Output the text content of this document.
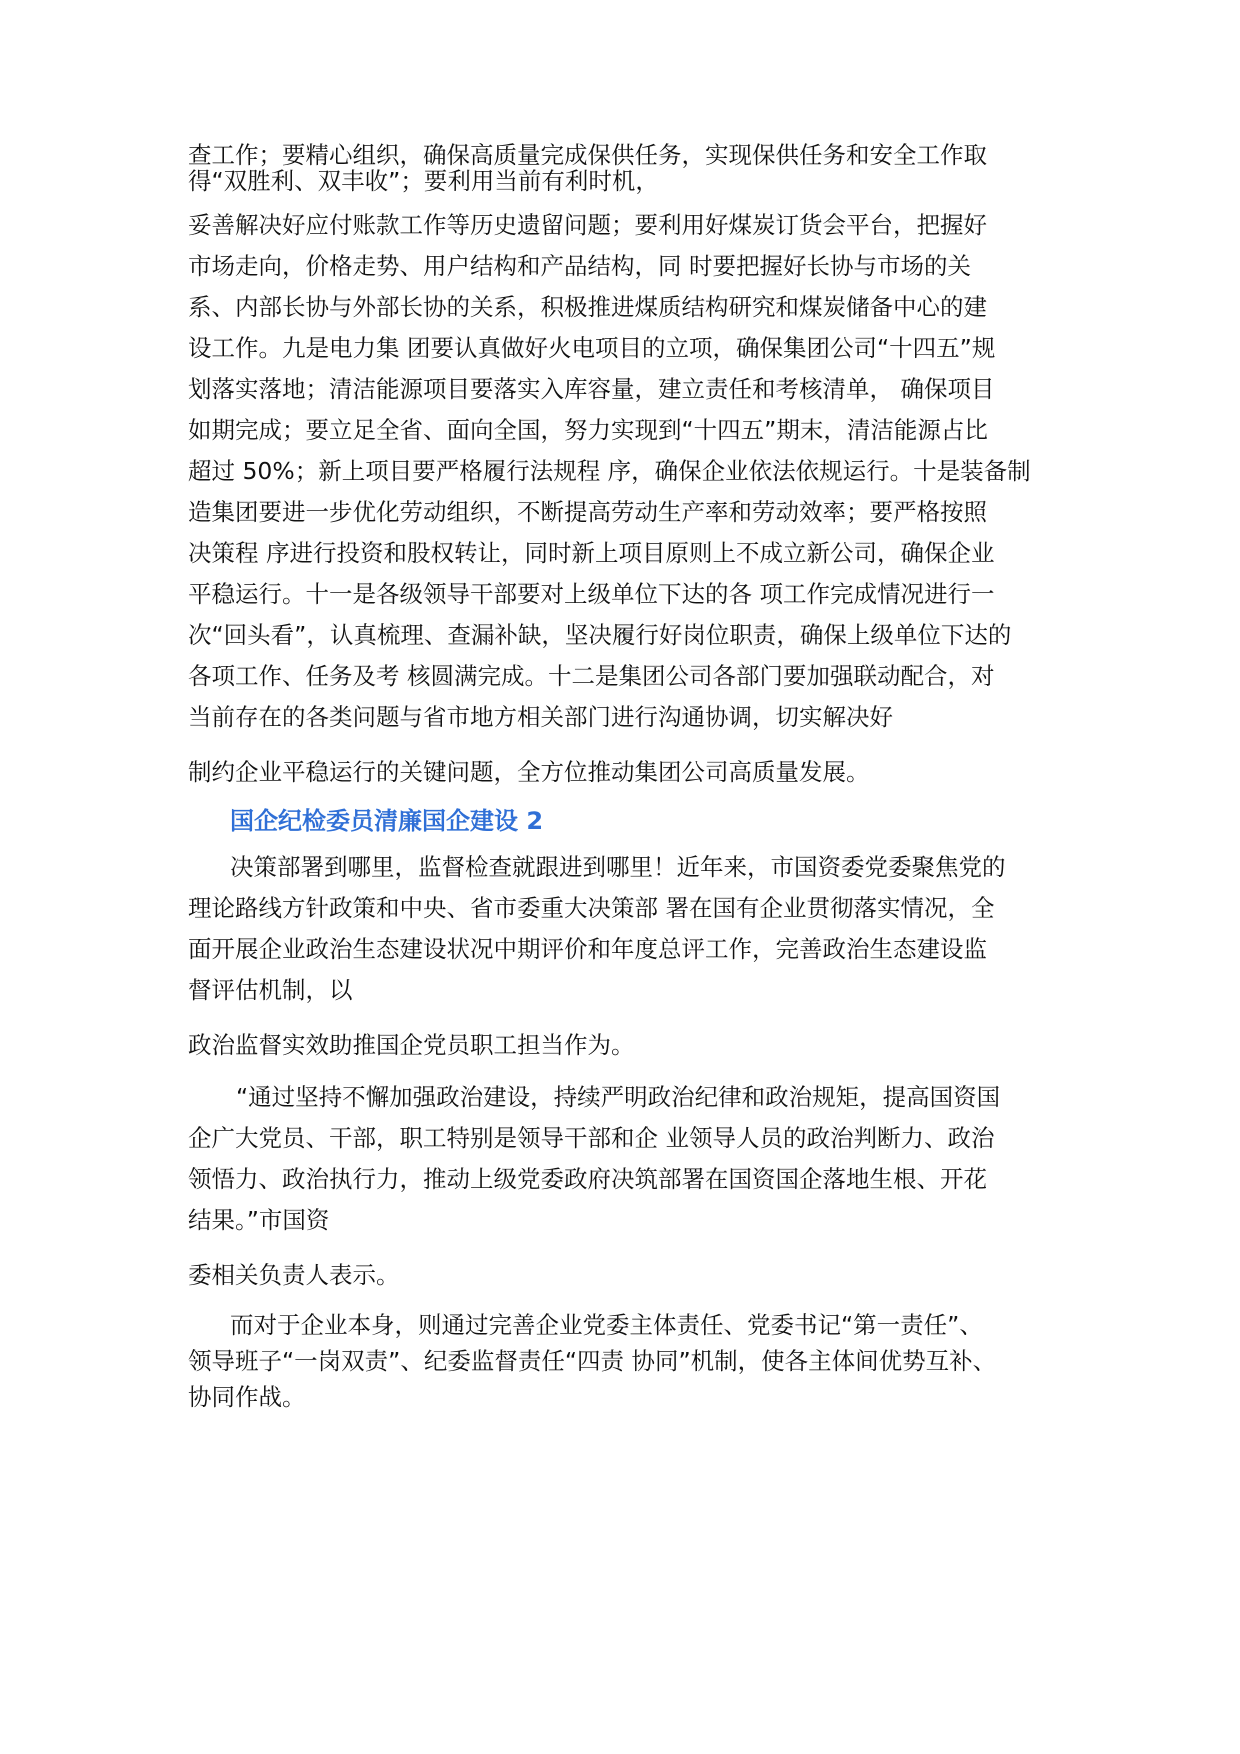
查工作；要精心组织，确保高质量完成保供任务，实现保供任务和安全工作取
得“双胜利、双丰收”；要利用当前有利时机，
妥善解决好应付账款工作等历史遗留问题；要利用好煤炭订货会平台，把握好
市场走向，价格走势、用户结构和产品结构，同 时要把握好长协与市场的关
系、内部长协与外部长协的关系，积极推进煤质结构研究和煤炭储备中心的建
设工作。九是电力集 团要认真做好火电项目的立项，确保集团公司“十四五”规
划落实落地；清洁能源项目要落实入库容量，建立责任和考核清单， 确保项目
如期完成；要立足全省、面向全国，努力实现到“十四五”期末，清洁能源占比
超过 50%；新上项目要严格履行法规程 序，确保企业依法依规运行。十是装备制
造集团要进一步优化劳动组织，不断提高劳动生产率和劳动效率；要严格按照
决策程 序进行投资和股权转让，同时新上项目原则上不成立新公司，确保企业
平稳运行。十一是各级领导干部要对上级单位下达的各 项工作完成情况进行一
次“回头看”，认真梳理、查漏补缺，坚决履行好岗位职责，确保上级单位下达的
各项工作、任务及考 核圆满完成。十二是集团公司各部门要加强联动配合，对
当前存在的各类问题与省市地方相关部门进行沟通协调，切实解决好
制约企业平稳运行的关键问题，全方位推动集团公司高质量发展。
国企纪检委员清廉国企建设 2
决策部署到哪里，监督检查就跟进到哪里！近年来，市国资委党委聚焦党的
理论路线方针政策和中央、省市委重大决策部 署在国有企业贯彻落实情况，全
面开展企业政治生态建设状况中期评价和年度总评工作，完善政治生态建设监
督评估机制，以
政治监督实效助推国企党员职工担当作为。
“通过坚持不懈加强政治建设，持续严明政治纪律和政治规矩，提高国资国
企广大党员、干部，职工特别是领导干部和企 业领导人员的政治判断力、政治
领悟力、政治执行力，推动上级党委政府决筑部署在国资国企落地生根、开花
结果。”市国资
委相关负责人表示。
而对于企业本身，则通过完善企业党委主体责任、党委书记“第一责任”、
领导班子“一岗双责”、纪委监督责任“四责 协同”机制，使各主体间优势互补、
协同作战。
